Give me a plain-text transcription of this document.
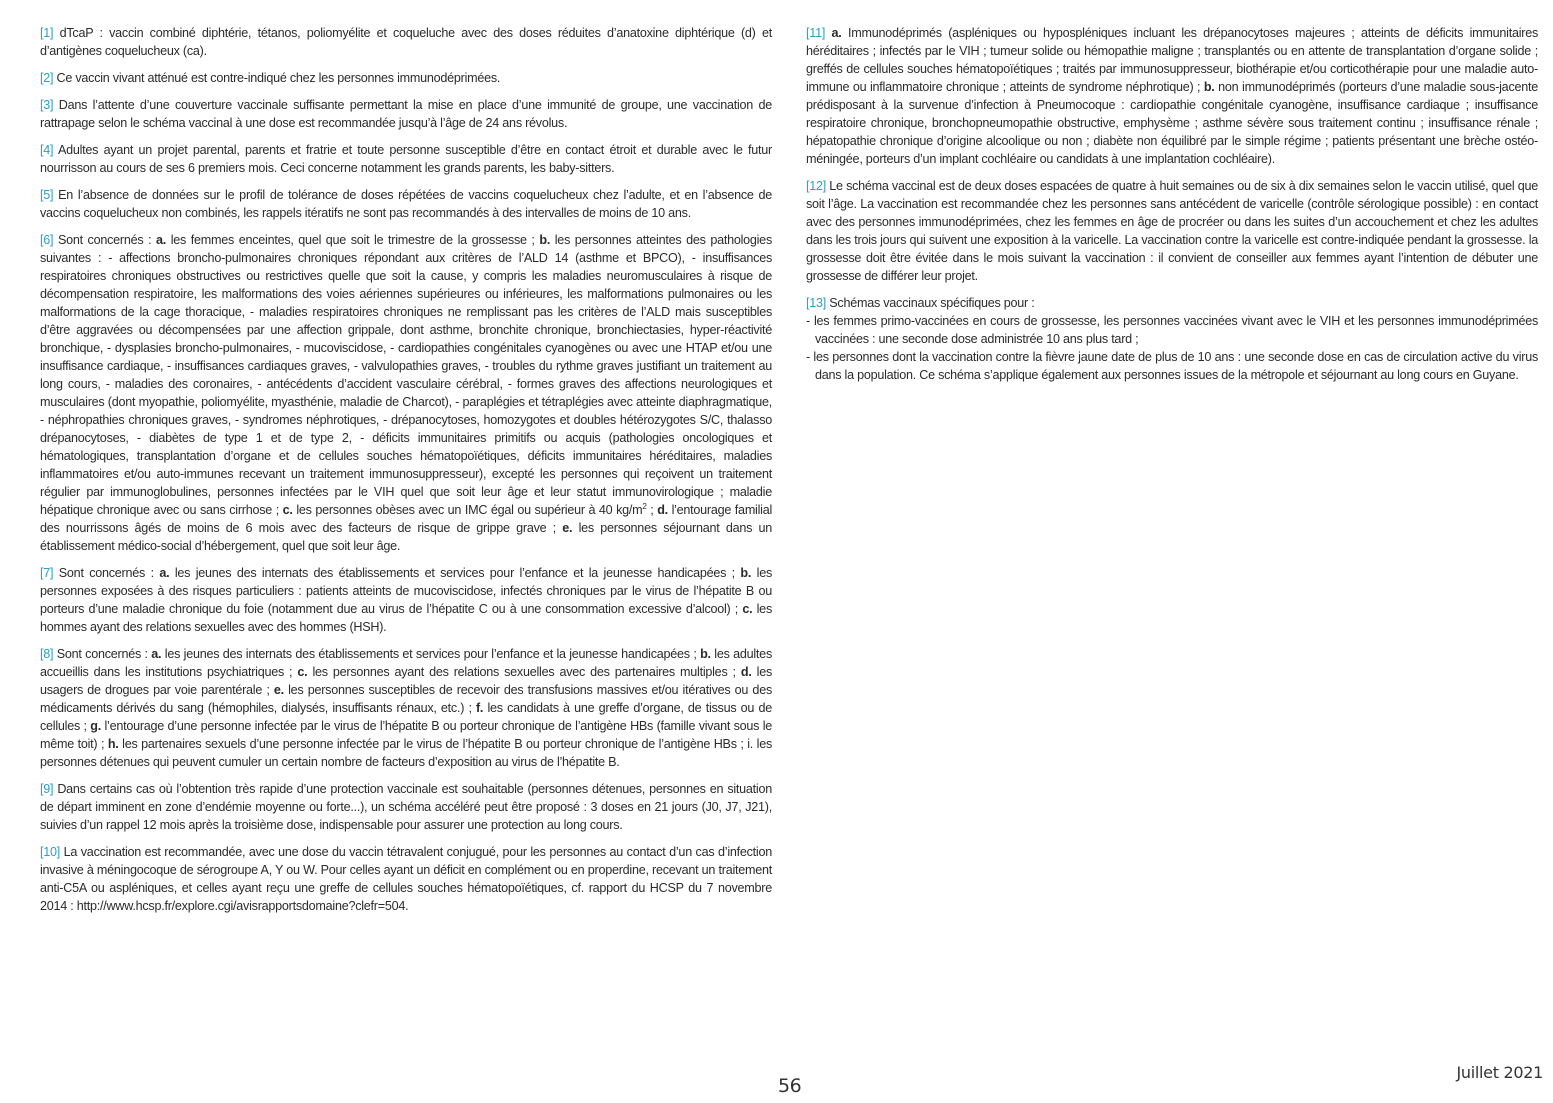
[1] dTcaP : vaccin combiné diphtérie, tétanos, poliomyélite et coqueluche avec des doses réduites d’anatoxine diphtérique (d) et d’antigènes coquelucheux (ca).

[2] Ce vaccin vivant atténué est contre-indiqué chez les personnes immunodéprimées.

[3] Dans l’attente d’une couverture vaccinale suffisante permettant la mise en place d’une immunité de groupe, une vaccination de rattrapage selon le schéma vaccinal à une dose est recommandée jusqu’à l’âge de 24 ans révolus.

[4] Adultes ayant un projet parental, parents et fratrie et toute personne susceptible d’être en contact étroit et durable avec le futur nourrisson au cours de ses 6 premiers mois. Ceci concerne notamment les grands parents, les baby-sitters.

[5] En l’absence de données sur le profil de tolérance de doses répétées de vaccins coquelucheux chez l’adulte, et en l’absence de vaccins coquelucheux non combinés, les rappels itératifs ne sont pas recommandés à des intervalles de moins de 10 ans.

[6] Sont concernés : a. les femmes enceintes, quel que soit le trimestre de la grossesse ; b. les personnes atteintes des pathologies suivantes : - affections broncho-pulmonaires chroniques répondant aux critères de l’ALD 14 (asthme et BPCO), - insuffisances respiratoires chroniques obstructives ou restrictives quelle que soit la cause, y compris les maladies neuromusculaires à risque de décompensation respiratoire, les malformations des voies aériennes supérieures ou inférieures, les malformations pulmonaires ou les malformations de la cage thoracique, - maladies respiratoires chroniques ne remplissant pas les critères de l’ALD mais susceptibles d’être aggravées ou décompensées par une affection grippale, dont asthme, bronchite chronique, bronchiectasies, hyper-réactivité bronchique, - dysplasies broncho-pulmonaires, - mucoviscidose, - cardiopathies congénitales cyanogènes ou avec une HTAP et/ou une insuffisance cardiaque, - insuffisances cardiaques graves, - valvulopathies graves, - troubles du rythme graves justifiant un traitement au long cours, - maladies des coronaires, - antécédents d’accident vasculaire cérébral, - formes graves des affections neurologiques et musculaires (dont myopathie, poliomyélite, myasthénie, maladie de Charcot), - paraplégies et tétraplégies avec atteinte diaphragmatique, - néphropathies chroniques graves, - syndromes néphrotiques, - drépanocytoses, homozygotes et doubles hétérozygotes S/C, thalasso drépanocytoses, - diabètes de type 1 et de type 2, - déficits immunitaires primitifs ou acquis (pathologies oncologiques et hématologiques, transplantation d’organe et de cellules souches hématopoïétiques, déficits immunitaires héréditaires, maladies inflammatoires et/ou auto-immunes recevant un traitement immunosuppresseur), excepté les personnes qui reçoivent un traitement régulier par immunoglobulines, personnes infectées par le VIH quel que soit leur âge et leur statut immunovirologique ; maladie hépatique chronique avec ou sans cirrhose ; c. les personnes obèses avec un IMC égal ou supérieur à 40 $kg/m^2$ ; d. l’entourage familial des nourrissons âgés de moins de 6 mois avec des facteurs de risque de grippe grave ; e. les personnes séjournant dans un établissement médico-social d’hébergement, quel que soit leur âge.

[7] Sont concernés : a. les jeunes des internats des établissements et services pour l’enfance et la jeunesse handicapées ; b. les personnes exposées à des risques particuliers : patients atteints de mucoviscidose, infectés chroniques par le virus de l’hépatite B ou porteurs d’une maladie chronique du foie (notamment due au virus de l’hépatite C ou à une consommation excessive d’alcool) ; c. les hommes ayant des relations sexuelles avec des hommes (HSH).

[8] Sont concernés : a. les jeunes des internats des établissements et services pour l’enfance et la jeunesse handicapées ; b. les adultes accueillis dans les institutions psychiatriques ; c. les personnes ayant des relations sexuelles avec des partenaires multiples ; d. les usagers de drogues par voie parentérale ; e. les personnes susceptibles de recevoir des transfusions massives et/ou itératives ou des médicaments dérivés du sang (hémophiles, dialysés, insuffisants rénaux, etc.) ; f. les candidats à une greffe d’organe, de tissus ou de cellules ; g. l’entourage d’une personne infectée par le virus de l’hépatite B ou porteur chronique de l’antigène HBs (famille vivant sous le même toit) ; h. les partenaires sexuels d’une personne infectée par le virus de l’hépatite B ou porteur chronique de l’antigène HBs ; i. les personnes détenues qui peuvent cumuler un certain nombre de facteurs d’exposition au virus de l’hépatite B.

[9] Dans certains cas où l’obtention très rapide d’une protection vaccinale est souhaitable (personnes détenues, personnes en situation de départ imminent en zone d’endémie moyenne ou forte...), un schéma accéléré peut être proposé : 3 doses en 21 jours (J0, J7, J21), suivies d’un rappel 12 mois après la troisième dose, indispensable pour assurer une protection au long cours.

[10] La vaccination est recommandée, avec une dose du vaccin tétravalent conjugué, pour les personnes au contact d’un cas d’infection invasive à méningocoque de sérogroupe A, Y ou W. Pour celles ayant un déficit en complément ou en properdine, recevant un traitement anti-C5A ou aspléniques, et celles ayant reçu une greffe de cellules souches hématopoïétiques, cf. rapport du HCSP du 7 novembre 2014 : http://www.hcsp.fr/explore.cgi/avisrapportsdomaine?clefr=504.

[11] a. Immunodéprimés (aspléniques ou hypospléniques incluant les drépanocytoses majeures ; atteints de déficits immunitaires héréditaires ; infectés par le VIH ; tumeur solide ou hémopathie maligne ; transplantés ou en attente de transplantation d’organe solide ; greffés de cellules souches hématopoïétiques ; traités par immunosuppresseur, biothérapie et/ou corticothérapie pour une maladie auto-immune ou inflammatoire chronique ; atteints de syndrome néphrotique) ; b. non immunodéprimés (porteurs d’une maladie sous-jacente prédisposant à la survenue d’infection à Pneumocoque : cardiopathie congénitale cyanogène, insuffisance cardiaque ; insuffisance respiratoire chronique, bronchopneumopathie obstructive, emphysème ; asthme sévère sous traitement continu ; insuffisance rénale ; hépatopathie chronique d’origine alcoolique ou non ; diabète non équilibré par le simple régime ; patients présentant une brèche ostéo-méningée, porteurs d’un implant cochléaire ou candidats à une implantation cochléaire).

[12] Le schéma vaccinal est de deux doses espacées de quatre à huit semaines ou de six à dix semaines selon le vaccin utilisé, quel que soit l’âge. La vaccination est recommandée chez les personnes sans antécédent de varicelle (contrôle sérologique possible) : en contact avec des personnes immunodéprimées, chez les femmes en âge de procréer ou dans les suites d’un accouchement et chez les adultes dans les trois jours qui suivent une exposition à la varicelle. La vaccination contre la varicelle est contre-indiquée pendant la grossesse. la grossesse doit être évitée dans le mois suivant la vaccination : il convient de conseiller aux femmes ayant l’intention de débuter une grossesse de différer leur projet.

[13] Schémas vaccinaux spécifiques pour :

- les femmes primo-vaccinées en cours de grossesse, les personnes vaccinées vivant avec le VIH et les personnes immunodéprimées vaccinées : une seconde dose administrée 10 ans plus tard ;

- les personnes dont la vaccination contre la fièvre jaune date de plus de 10 ans : une seconde dose en cas de circulation active du virus dans la population. Ce schéma s’applique également aux personnes issues de la métropole et séjournant au long cours en Guyane.

56
Juillet 2021
